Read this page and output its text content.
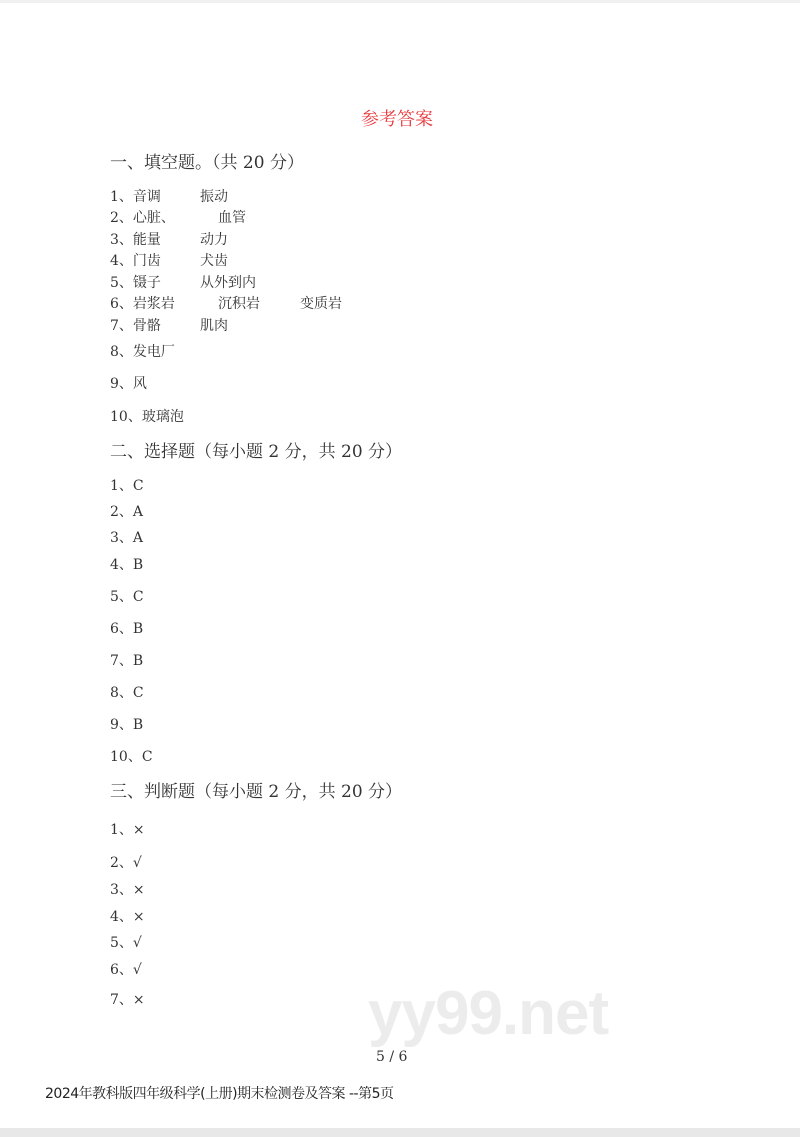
yy99.net
参考答案
一、填空题。（共 20 分）
1、音调	振动
2、心脏、	血管
3、能量	动力
4、门齿	犬齿
5、镊子	从外到内
6、岩浆岩	沉积岩	变质岩
7、骨骼	肌肉
8、发电厂
9、风
10、玻璃泡
二、选择题（每小题 2 分，共 20 分）
1、C
2、A
3、A
4、B
5、C
6、B
7、B
8、C
9、B
10、C
三、判断题（每小题 2 分，共 20 分）
1、×
2、√
3、×
4、×
5、√
6、√
7、×
5 / 6
2024年教科版四年级科学(上册)期末检测卷及答案 --第5页
